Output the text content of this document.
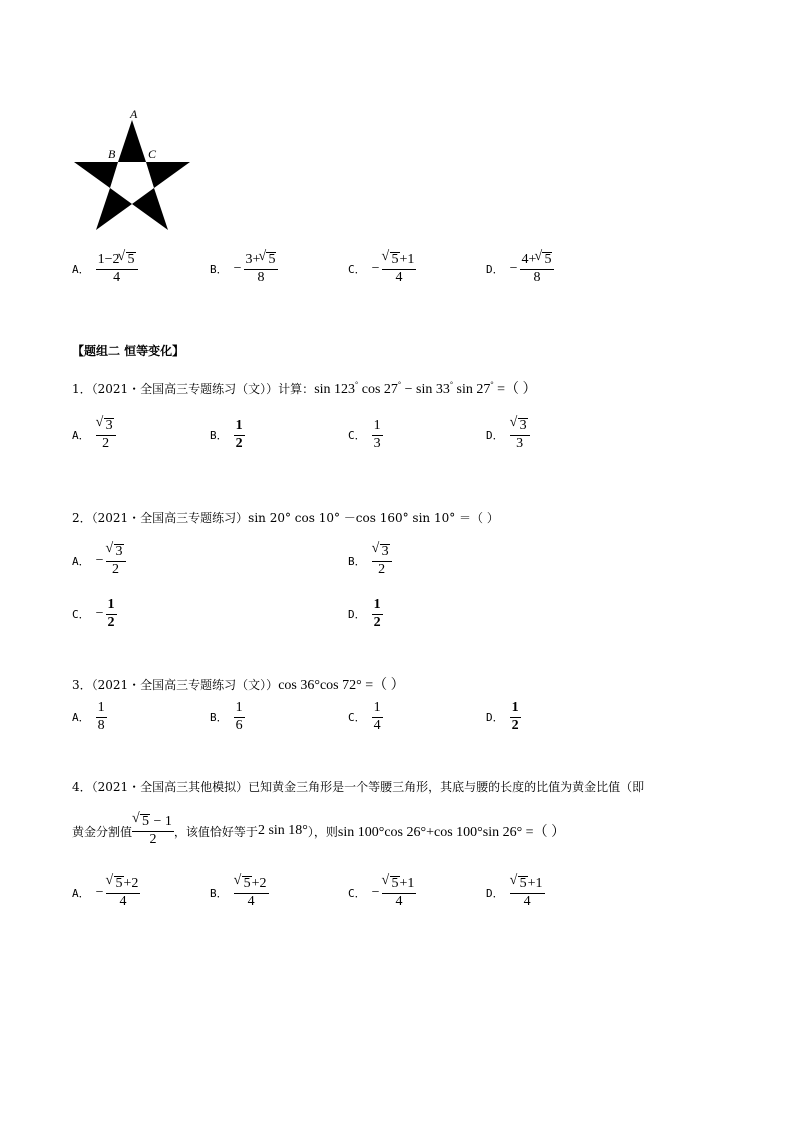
A
B	C
A． $\frac{1-2 √ 5}{4}$	B． − $\frac{3+ √ 5}{8}$	C． − √ $\frac{5+1}{4}$	D． − $\frac{4+ √ 5}{8}$
【题组二 恒等变化】
1．（2021・全国高三专题练习（文））计算： sin 123° cos 27° − sin 33° sin 27° =（ ）
A． √ $\frac{3}{2}$	B． $\frac{1}{2}$	C． $\frac{1}{3}$	D． √ $\frac{3}{3}$
2．（2021・全国高三专题练习）sin 20° cos 10° －cos 160° sin 10° ＝（ ）
A． − √ $\frac{3}{2}$	B． √ $\frac{3}{2}$
C． − $\frac{1}{2}$	D． $\frac{1}{2}$
3．（2021・全国高三专题练习（文）） cos 36°cos 72° =（ ）
A． $\frac{1}{8}$	B． $\frac{1}{6}$	C． $\frac{1}{4}$	D． $\frac{1}{2}$
4．（2021・全国高三其他模拟）已知黄金三角形是一个等腰三角形，其底与腰的长度的比值为黄金比值（即
黄金分割值 √ $\frac{5 - 1}{2}$ ，该值恰好等于 2 sin 18° ），则 sin 100°cos 26°+cos 100°sin 26° =（ ）
A． − √ $\frac{5+2}{4}$	B． √ $\frac{5+2}{4}$	C． − √ $\frac{5+1}{4}$	D． √ $\frac{5+1}{4}$
